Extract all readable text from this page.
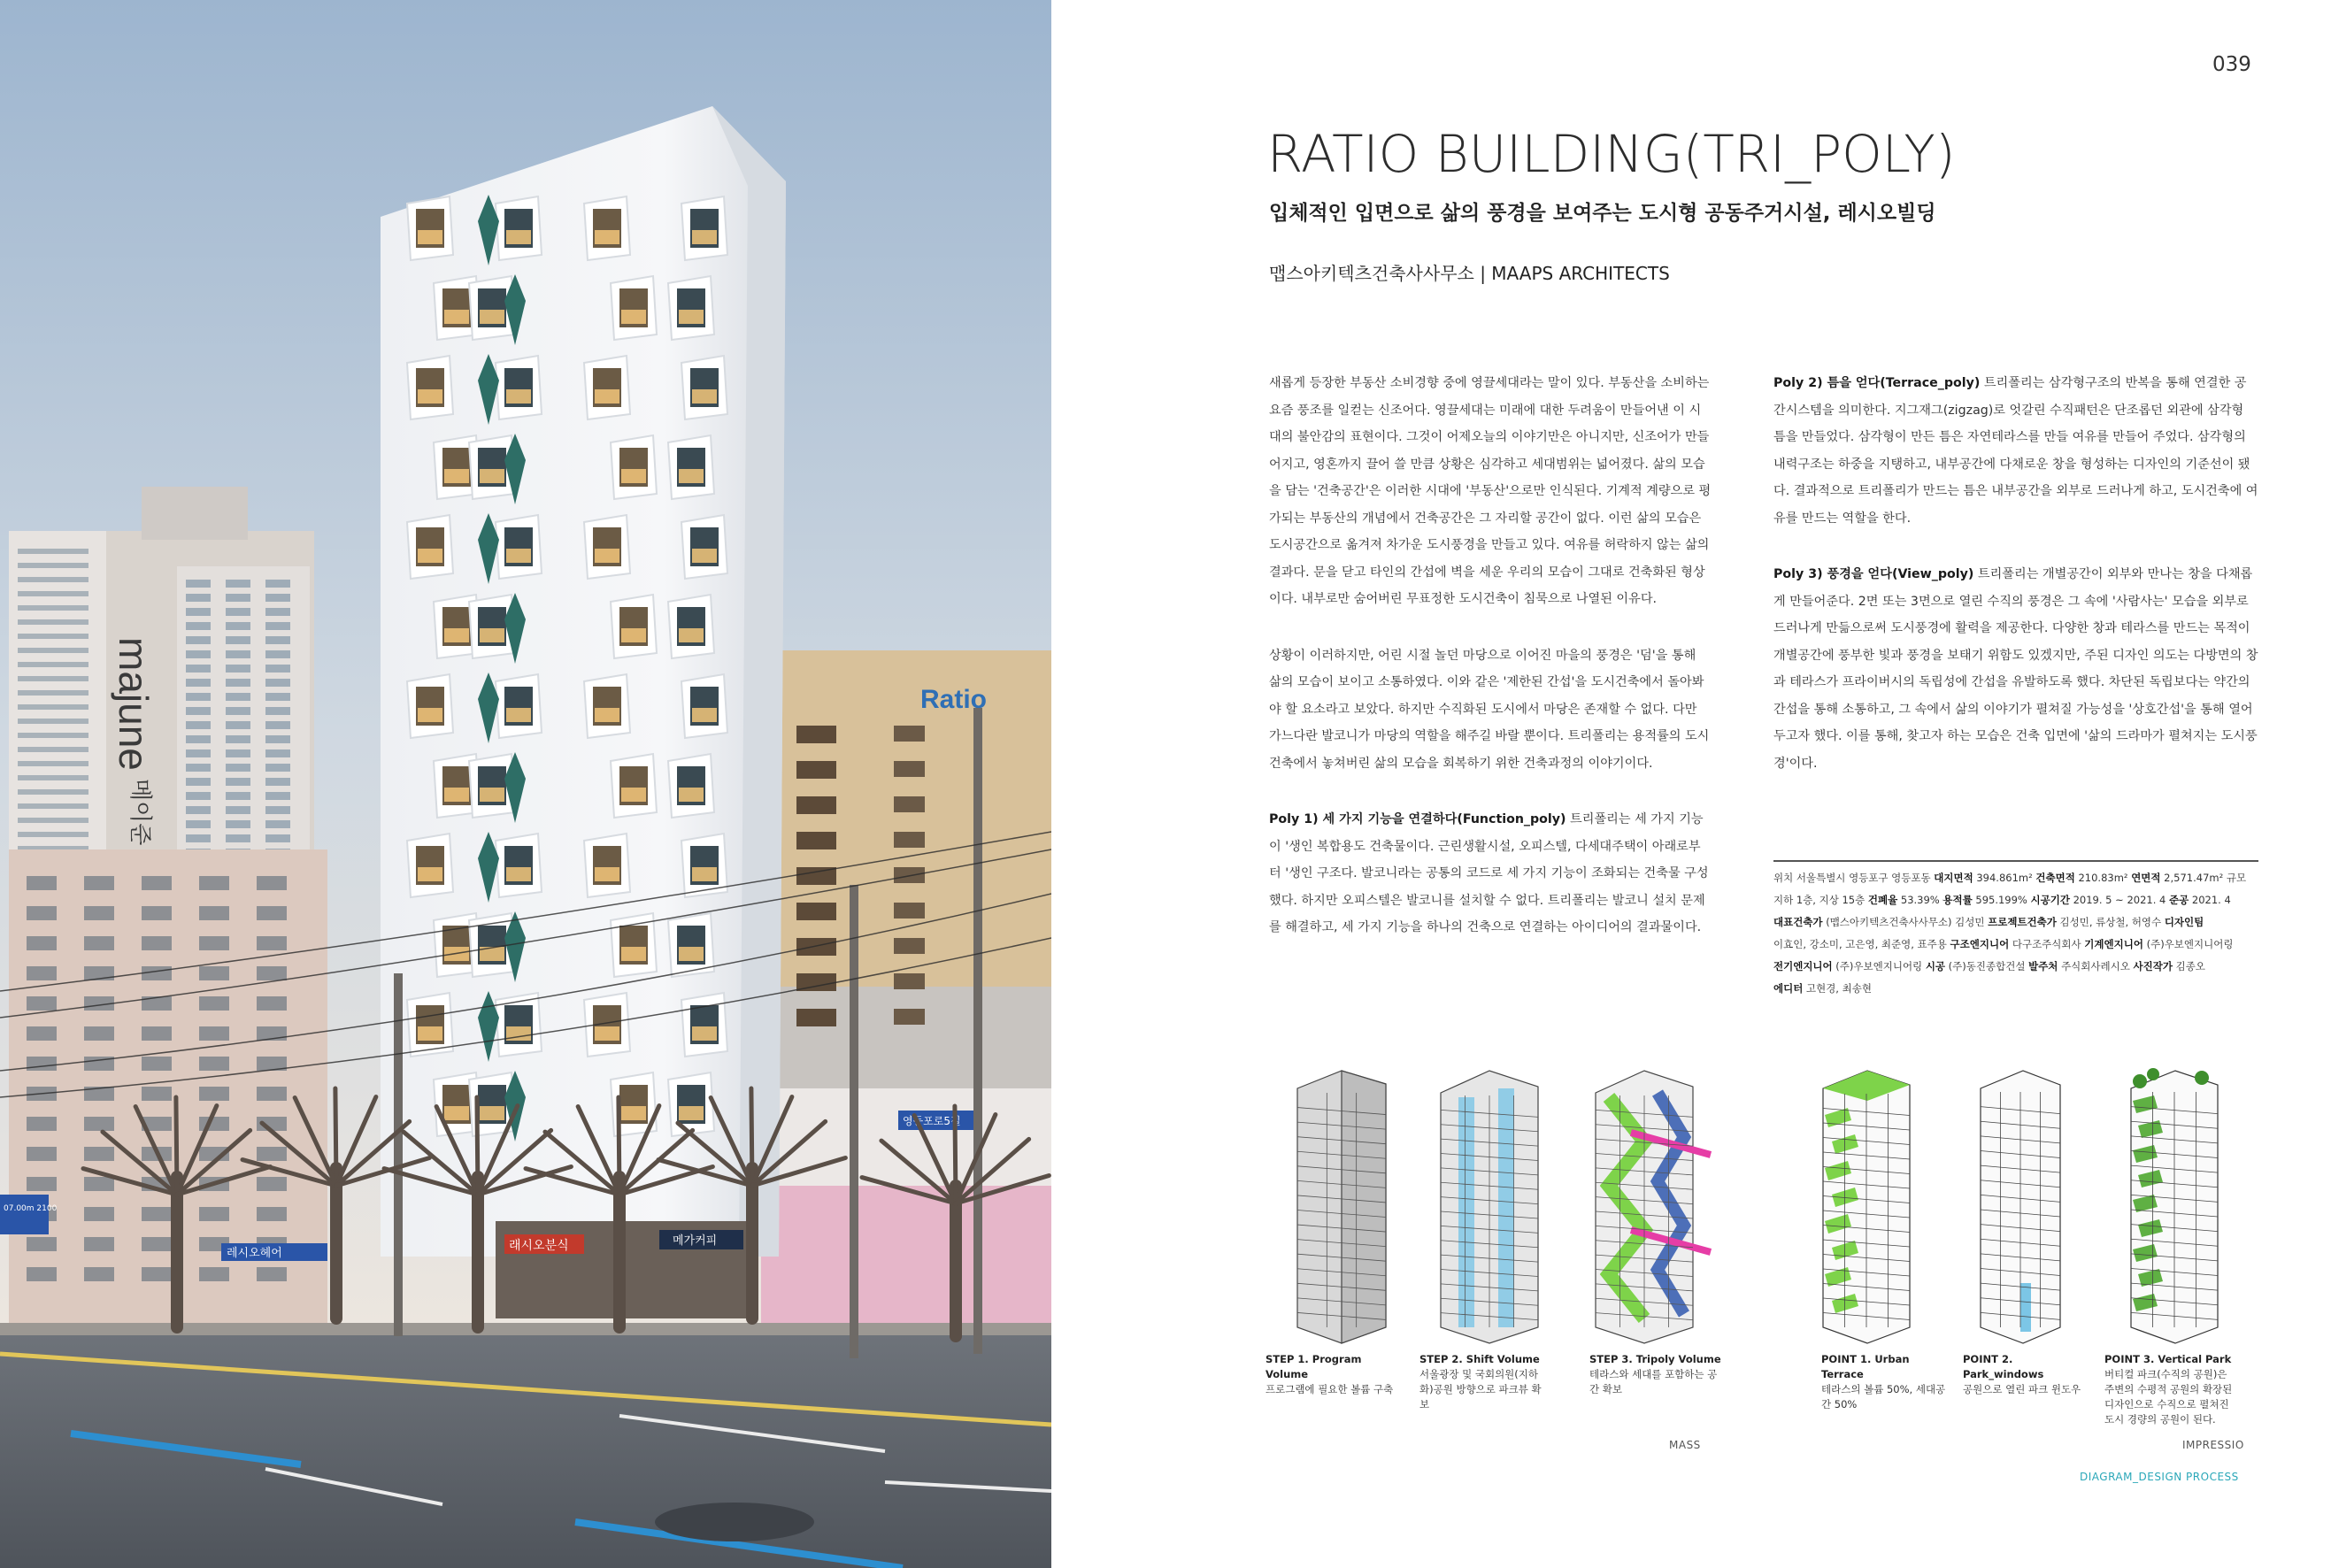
majune
메이준
Ratio
래시오분식	메가커피
레시오헤어
07.00m 2100
영등포로5길
039
RATIO BUILDING(TRI_POLY)
입체적인 입면으로 삶의 풍경을 보여주는 도시형 공동주거시설, 레시오빌딩
맵스아키텍츠건축사사무소 | MAAPS ARCHITECTS

새롭게 등장한 부동산 소비경향 중에 영끌세대라는 말이 있다. 부동산을 소비하는 요즘 풍조를 일컫는 신조어다. 영끌세대는 미래에 대한 두려움이 만들어낸 이 시대의 불안감의 표현이다. 그것이 어제오늘의 이야기만은 아니지만, 신조어가 만들어지고, 영혼까지 끌어 쓸 만큼 상황은 심각하고 세대범위는 넓어졌다. 삶의 모습을 담는 '건축공간'은 이러한 시대에 '부동산'으로만 인식된다. 기계적 계량으로 평가되는 부동산의 개념에서 건축공간은 그 자리할 공간이 없다. 이런 삶의 모습은 도시공간으로 옮겨져 차가운 도시풍경을 만들고 있다. 여유를 허락하지 않는 삶의 결과다. 문을 닫고 타인의 간섭에 벽을 세운 우리의 모습이 그대로 건축화된 형상이다. 내부로만 숨어버린 무표정한 도시건축이 침묵으로 나열된 이유다.

상황이 이러하지만, 어린 시절 놀던 마당으로 이어진 마을의 풍경은 '덤'을 통해 삶의 모습이 보이고 소통하였다. 이와 같은 '제한된 간섭'을 도시건축에서 돌아봐야 할 요소라고 보았다. 하지만 수직화된 도시에서 마당은 존재할 수 없다. 다만 가느다란 발코니가 마당의 역할을 해주길 바랄 뿐이다. 트리폴리는 용적률의 도시건축에서 놓쳐버린 삶의 모습을 회복하기 위한 건축과정의 이야기이다.

Poly 1) 세 가지 기능을 연결하다(Function_poly) 트리폴리는 세 가지 기능이 '생인 복합용도 건축물이다. 근린생활시설, 오피스텔, 다세대주택이 아래로부터 '생인 구조다. 발코니라는 공통의 코드로 세 가지 기능이 조화되는 건축물 구성했다. 하지만 오피스텔은 발코니를 설치할 수 없다. 트리폴리는 발코니 설치 문제를 해결하고, 세 가지 기능을 하나의 건축으로 연결하는 아이디어의 결과물이다.

Poly 2) 틈을 얻다(Terrace_poly) 트리폴리는 삼각형구조의 반복을 통해 연결한 공간시스템을 의미한다. 지그재그(zigzag)로 엇갈린 수직패턴은 단조롭던 외관에 삼각형 틈을 만들었다. 삼각형이 만든 틈은 자연테라스를 만들 여유를 만들어 주었다. 삼각형의 내력구조는 하중을 지탱하고, 내부공간에 다채로운 창을 형성하는 디자인의 기준선이 됐다. 결과적으로 트리폴리가 만드는 틈은 내부공간을 외부로 드러나게 하고, 도시건축에 여유를 만드는 역할을 한다.

Poly 3) 풍경을 얻다(View_poly) 트리폴리는 개별공간이 외부와 만나는 창을 다채롭게 만들어준다. 2면 또는 3면으로 열린 수직의 풍경은 그 속에 '사람사는' 모습을 외부로 드러나게 만듦으로써 도시풍경에 활력을 제공한다. 다양한 창과 테라스를 만드는 목적이 개별공간에 풍부한 빛과 풍경을 보태기 위함도 있겠지만, 주된 디자인 의도는 다방면의 창과 테라스가 프라이버시의 독립성에 간섭을 유발하도록 했다. 차단된 독립보다는 약간의 간섭을 통해 소통하고, 그 속에서 삶의 이야기가 펼쳐질 가능성을 '상호간섭'을 통해 열어두고자 했다. 이를 통해, 찾고자 하는 모습은 건축 입면에 '삶의 드라마가 펼쳐지는 도시풍경'이다.

위치 서울특별시 영등포구 영등포동 대지면적 394.861m² 건축면적 210.83m² 연면적 2,571.47m² 규모
지하 1층, 지상 15층 건폐율 53.39% 용적률 595.199% 시공기간 2019. 5 ~ 2021. 4 준공 2021. 4
대표건축가 (맵스아키텍츠건축사사무소) 김성민 프로젝트건축가 김성민, 류상철, 허영수 디자인팀
이효인, 강소미, 고은영, 최준영, 표주용 구조엔지니어 다구조주식회사 기계엔지니어 (주)우보엔지니어링
전기엔지니어 (주)우보엔지니어링 시공 (주)동진종합건설 발주처 주식회사레시오 사진작가 김종오
에디터 고현경, 최송현
STEP 1. Program Volume
프로그램에 필요한 볼륨 구축
STEP 2. Shift Volume
서울광장 및 국회의원(지하화)공원 방향으로 파크뷰 확보
STEP 3. Tripoly Volume
테라스와 세대를 포함하는 공간 확보
POINT 1. Urban Terrace
테라스의 볼륨 50%, 세대공간 50%
POINT 2. Park_windows
공원으로 열린 파크 윈도우
POINT 3. Vertical Park
버티컬 파크(수직의 공원)은 주변의 수평적 공원의 확장된 디자인으로 수직으로 펼쳐진 도시 경량의 공원이 된다.
MASS	IMPRESSIO
DIAGRAM_DESIGN PROCESS
